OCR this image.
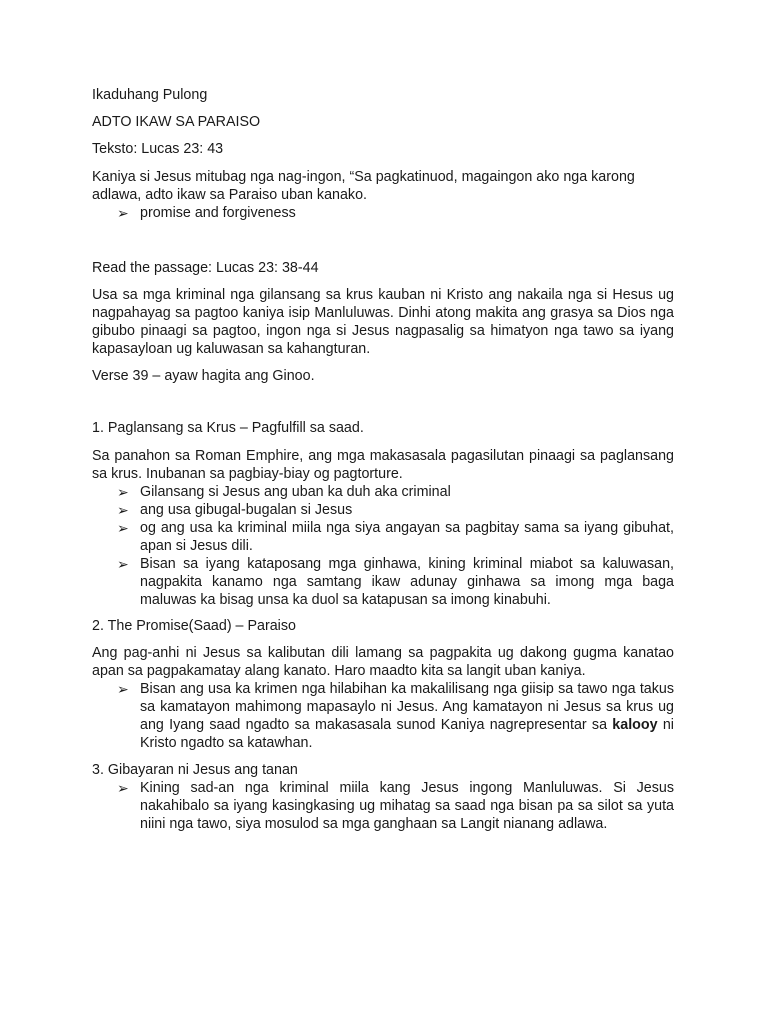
Ikaduhang Pulong

ADTO IKAW SA PARAISO

Teksto: Lucas 23: 43

Kaniya si Jesus mitubag nga nag-ingon, “Sa pagkatinuod, magaingon ako nga karong adlawa, adto ikaw sa Paraiso uban kanako.

➢ promise and forgiveness

Read the passage: Lucas 23: 38-44

Usa sa mga kriminal nga gilansang sa krus kauban ni Kristo ang nakaila nga si Hesus ug nagpahayag sa pagtoo kaniya isip Manluluwas. Dinhi atong makita ang grasya sa Dios nga gibubo pinaagi sa pagtoo, ingon nga si Jesus nagpasalig sa himatyon nga tawo sa iyang kapasayloan ug kaluwasan sa kahangturan.

Verse 39 – ayaw hagita ang Ginoo.

1. Paglansang sa Krus – Pagfulfill sa saad.

Sa panahon sa Roman Emphire, ang mga makasasala pagasilutan pinaagi sa paglansang sa krus. Inubanan sa pagbiay-biay og pagtorture.

➢ Gilansang si Jesus ang uban ka duh aka criminal
➢ ang usa gibugal-bugalan si Jesus
➢ og ang usa ka kriminal miila nga siya angayan sa pagbitay sama sa iyang gibuhat, apan si Jesus dili.
➢ Bisan sa iyang kataposang mga ginhawa, kining kriminal miabot sa kaluwasan, nagpakita kanamo nga samtang ikaw adunay ginhawa sa imong mga baga maluwas ka bisag unsa ka duol sa katapusan sa imong kinabuhi.

2. The Promise(Saad) – Paraiso

Ang pag-anhi ni Jesus sa kalibutan dili lamang sa pagpakita ug dakong gugma kanatao apan sa pagpakamatay alang kanato. Haro maadto kita sa langit uban kaniya.

➢ Bisan ang usa ka krimen nga hilabihan ka makalilisang nga giisip sa tawo nga takus sa kamatayon mahimong mapasaylo ni Jesus. Ang kamatayon ni Jesus sa krus ug ang Iyang saad ngadto sa makasasala sunod Kaniya nagrepresentar sa kalooy ni Kristo ngadto sa katawhan.

3. Gibayaran ni Jesus ang tanan

➢ Kining sad-an nga kriminal miila kang Jesus ingong Manluluwas. Si Jesus nakahibalo sa iyang kasingkasing ug mihatag sa saad nga bisan pa sa silot sa yuta niini nga tawo, siya mosulod sa mga ganghaan sa Langit nianang adlawa.
